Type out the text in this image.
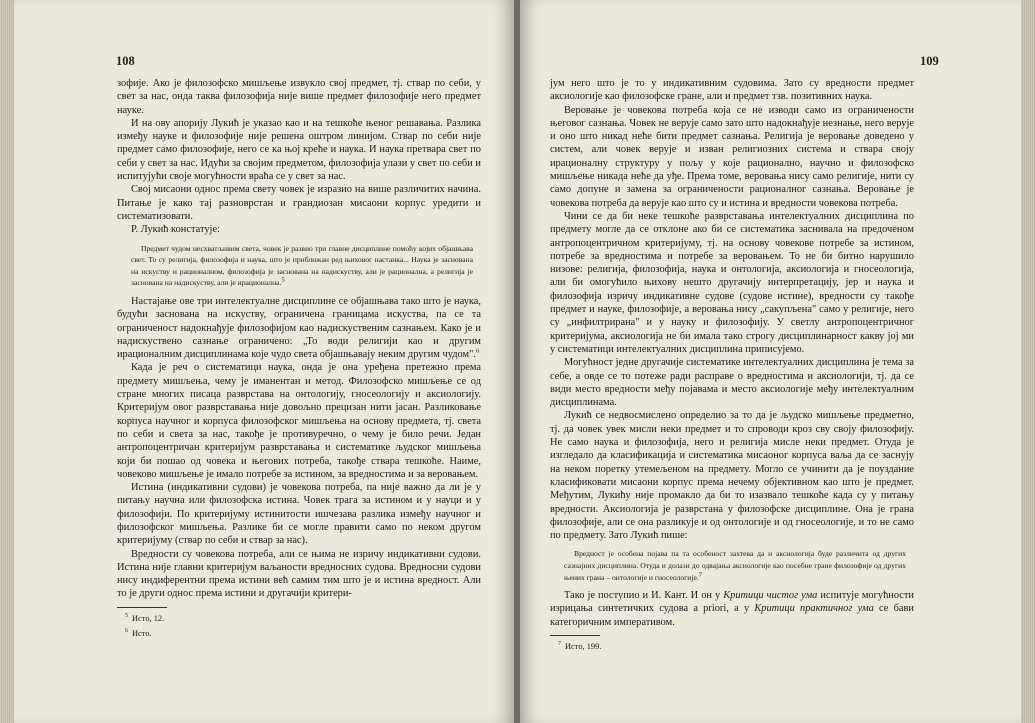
108

зофије. Ако је филозофско мишљење извукло свој предмет, тј. ствар по себи, у свет за нас, онда таква филозофија није више предмет филозофије него предмет науке.

И на ову апорију Лукић је указао као и на тешкоће њеног решавања. Разлика између науке и филозофије није решена оштром линијом. Ствар по себи није предмет само филозофије, него се ка њој креће и наука. И наука претвара свет по себи у свет за нас. Идући за својим предметом, филозофија улази у свет по себи и испитујући своје могућности враћа се у свет за нас.

Свој мисаони однос према свету човек је изразио на више различитих начина. Питање је како тај разноврстан и грандиозан мисаони корпус уредити и систематизовати.

Р. Лукић констатује:

Предмет чудом несхватљивим света, човек је развио три главне дисциплине помоћу којих објашњава свет. То су религија, филозофија и наука, што је приближан ред њиховог настанка... Наука је заснована на искуству и рационалном, филозофија је заснована на надискуству, али је рационална, а религија је заснована на надискуству, али је ирационална.5

Настајање ове три интелектуалне дисциплине се објашњава тако што је наука, будући заснована на искуству, ограничена границама искуства, па се та ограниченост надокнађује филозофијом као надискуственим сазнањем. Како је и надискуствено сазнање ограничено: „То води религији као и другим ирационалним дисциплинама које чудо света објашњавају неким другим чудом".$^6$

Када је реч о систематици наука, онда је она уређена претежно према предмету мишљења, чему је иманентан и метод. Филозофско мишљење се од стране многих писаца разврстава на онтологију, гносеологију и аксиологију. Критеријум овог разврставања није довољно прецизан нити јасан. Разликовање корпуса научног и корпуса филозофског мишљења на основу предмета, тј. света по себи и света за нас, такође је противуречно, о чему је било речи. Један антропоцентричан критеријум разврставања и систематике људског мишљења који би пошао од човека и његових потреба, такође ствара тешкоће. Наиме, човеково мишљење је имало потребе за истином, за вредностима и за веровањем.

Истина (индикативни судови) је човекова потреба, па није важно да ли је у питању научна или филозофска истина. Човек трага за истином и у науци и у филозофији. По критеријуму истинитости ишчезава разлика између научног и филозофског мишљења. Разлике би се могле правити само по неком другом критеријуму (ствар по себи и ствар за нас).

Вредности су човекова потреба, али се њима не изричу индикативни судови. Истина није главни критеријум ваљаности вредносних судова. Вредносни судови нису индиферентни према истини већ самим тим што је и истина вредност. Али то је други однос према истини и другачији критери-

$^5$ Исто, 12.

$^6$ Исто.

109

јум него што је то у индикативним судовима. Зато су вредности предмет аксиологије као филозофске гране, али и предмет тзв. позитивних наука.

Веровање је човекова потреба која се не изводи само из ограничености његовог сазнања. Човек не верује само зато што надокнађује незнање, него верује и оно што никад неће бити предмет сазнања. Религија је веровање доведено у систем, али човек верује и изван религиозних система и ствара своју ирационалну структуру у пољу у које рационално, научно и филозофско мишљење никада неће да уђе. Према томе, веровања нису само религије, нити су само допуне и замена за ограничености рационалног сазнања. Веровање је човекова потреба да верује као што су и истина и вредности човекова потреба.

Чини се да би неке тешкоће разврставања интелектуалних дисциплина по предмету могле да се отклоне ако би се систематика заснивала на предоченом антропоцентричном критеријуму, тј. на основу човекове потребе за истином, потребе за вредностима и потребе за веровањем. То не би битно нарушило низове: религија, филозофија, наука и онтологија, аксиологија и гносеологија, али би омогућило њихову нешто другачију интерпретацију, јер и наука и филозофија изричу индикативне судове (судове истине), вредности су такође предмет и науке, филозофије, а веровања нису „сакупљена" само у религије, него су „инфилтрирана" и у науку и филозофију. У светлу антропоцентричног критеријума, аксиологија не би имала тако строгу дисциплинарност какву јој ми у систематици интелектуалних дисциплина приписујемо.

Могућност једне другачије систематике интелектуалних дисциплина је тема за себе, а овде се то потеже ради расправе о вредностима и аксиологији, тј. да се види место вредности међу појавама и место аксиологије међу интелектуалним дисциплинама.

Лукић се недвосмислено определио за то да је људско мишљење предметно, тј. да човек увек мисли неки предмет и то спроводи кроз сву своју филозофију. Не само наука и филозофија, него и религија мисле неки предмет. Отуда је изгледало да класификација и систематика мисаоног корпуса ваља да се заснују на неком поретку утемељеном на предмету. Могло се учинити да је поуздание класификовати мисаони корпус према нечему објективном као што је предмет. Међутим, Лукићу није промакло да би то изазвало тешкоће када су у питању вредности. Аксиологија је разврстана у филозофске дисциплине. Она је грана филозофије, али се она разликује и од онтологије и од гносеологије, и то не само по предмету. Зато Лукић пише:

Вредност је особена појава па та особеност захтева да и аксиологија буде различита од других сазнајних дисциплина. Отуда и долази до одвајања аксиологије као посебне гране филозофије од других њених грана – онтологије и гносеологије.7

Тако је поступио и И. Кант. И он у Критици чистог ума испитује могућности изрицања синтетичких судова a priori, а у Критици практичног ума се бави категоричним императивом.

$^7$ Исто, 199.
